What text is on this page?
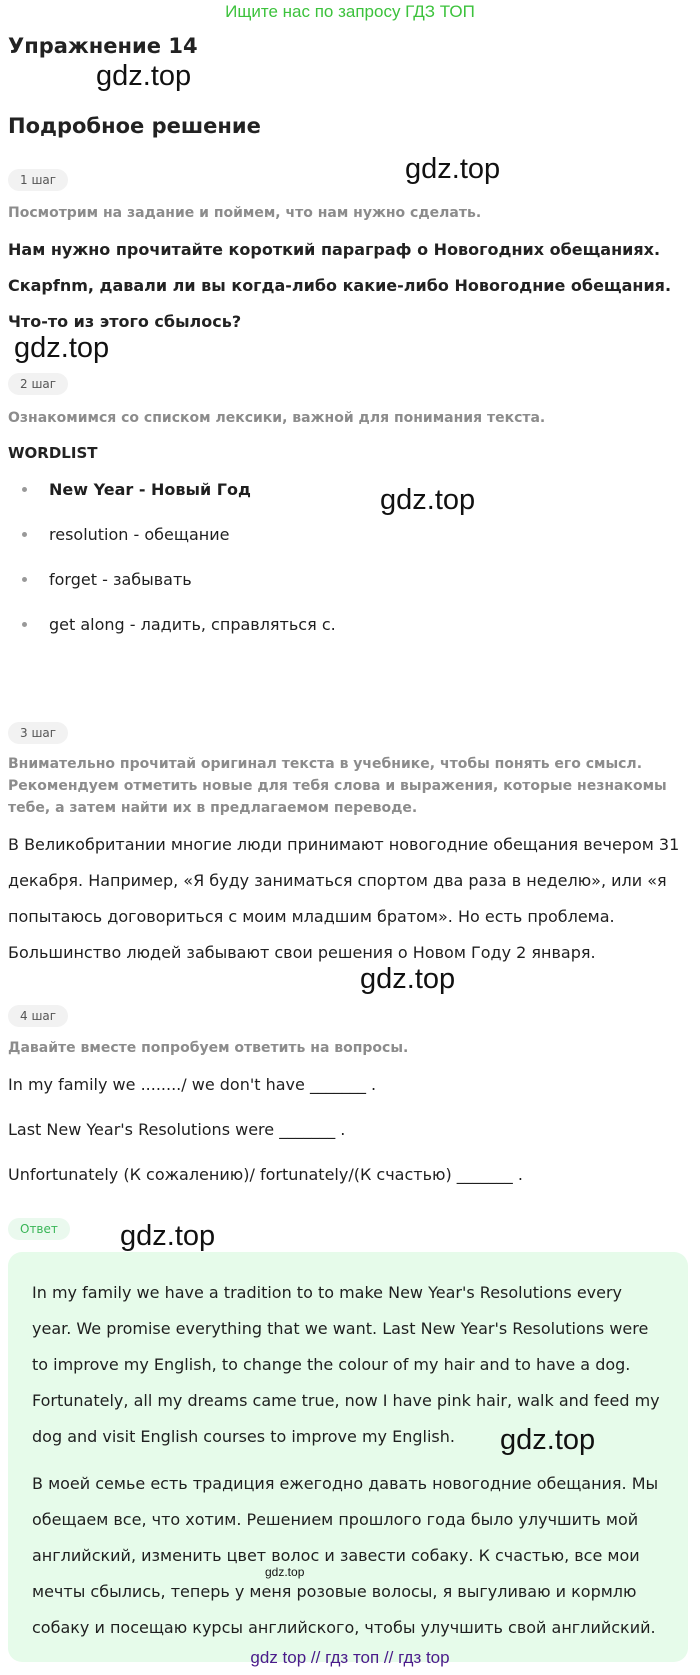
Ищите нас по запросу ГДЗ ТОП
Упражнение 14
gdz.top
Подробное решение
1 шаг	gdz.top
Посмотрим на задание и поймем, что нам нужно сделать.
Нам нужно прочитайте короткий параграф о Новогодних обещаниях. Скарfnm, давали ли вы когда-либо какие-либо Новогодние обещания. Что-то из этого сбылось?
gdz.top
2 шаг
Ознакомимся со списком лексики, важной для понимания текста.
WORDLIST
New Year - Новый Год
resolution - обещание
forget - забывать
get along - ладить, справляться с.
gdz.top
3 шаг
Внимательно прочитай оригинал текста в учебнике, чтобы понять его смысл. Рекомендуем отметить новые для тебя слова и выражения, которые незнакомы тебе, а затем найти их в предлагаемом переводе.
В Великобритании многие люди принимают новогодние обещания вечером 31 декабря. Например, «Я буду заниматься спортом два раза в неделю», или «я попытаюсь договориться с моим младшим братом». Но есть проблема. Большинство людей забывают свои решения о Новом Году 2 января.
gdz.top
4 шаг
Давайте вместе попробуем ответить на вопросы.
In my family we ......../ we don't have _______ .
Last New Year's Resolutions were _______ .
Unfortunately (К сожалению)/ fortunately/(К счастью) _______ .
Ответ	gdz.top
In my family we have a tradition to to make New Year's Resolutions every year. We promise everything that we want. Last New Year's Resolutions were to improve my English, to change the colour of my hair and to have a dog. Fortunately, all my dreams came true, now I have pink hair, walk and feed my dog and visit English courses to improve my English.	gdz.top
В моей семье есть традиция ежегодно давать новогодние обещания. Мы обещаем все, что хотим. Решением прошлого года было улучшить мой английский, изменить цвет волос и завести собаку. К счастью, все мои мечты сбылись, теперь у меня розовые волосы, я выгуливаю и кормлю собаку и посещаю курсы английского, чтобы улучшить свой английский.
gdz.top
gdz top // гдз топ // гдз top
